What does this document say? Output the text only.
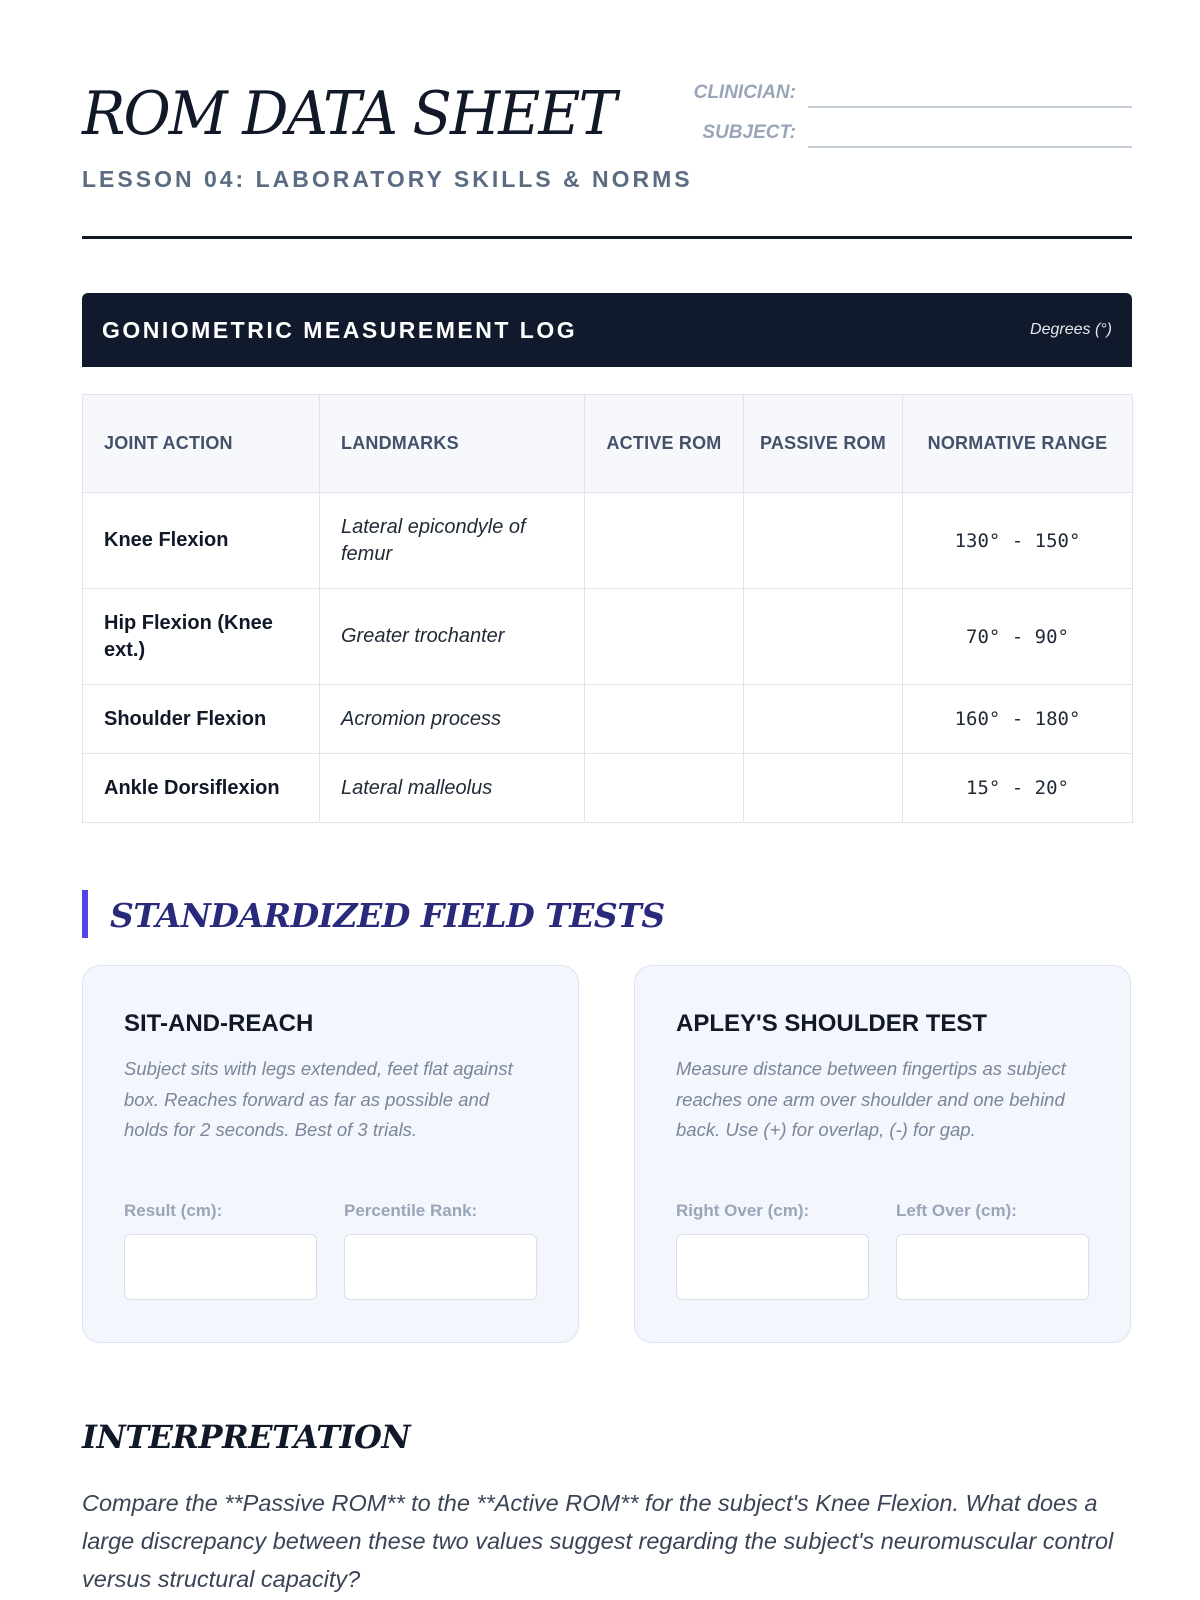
ROM DATA SHEET
LESSON 04: LABORATORY SKILLS & NORMS
CLINICIAN:
SUBJECT:
GONIOMETRIC MEASUREMENT LOG	Degrees (°)
JOINT ACTION	LANDMARKS	ACTIVE ROM	PASSIVE ROM	NORMATIVE RANGE
Knee Flexion	Lateral epicondyle of femur			130° - 150°
Hip Flexion (Knee ext.)	Greater trochanter			70° - 90°
Shoulder Flexion	Acromion process			160° - 180°
Ankle Dorsiflexion	Lateral malleolus			15° - 20°
STANDARDIZED FIELD TESTS
SIT-AND-REACH
Subject sits with legs extended, feet flat against box. Reaches forward as far as possible and holds for 2 seconds. Best of 3 trials.
Result (cm):	Percentile Rank:
APLEY'S SHOULDER TEST
Measure distance between fingertips as subject reaches one arm over shoulder and one behind back. Use (+) for overlap, (-) for gap.
Right Over (cm):	Left Over (cm):
INTERPRETATION
Compare the **Passive ROM** to the **Active ROM** for the subject's Knee Flexion. What does a large discrepancy between these two values suggest regarding the subject's neuromuscular control versus structural capacity?
